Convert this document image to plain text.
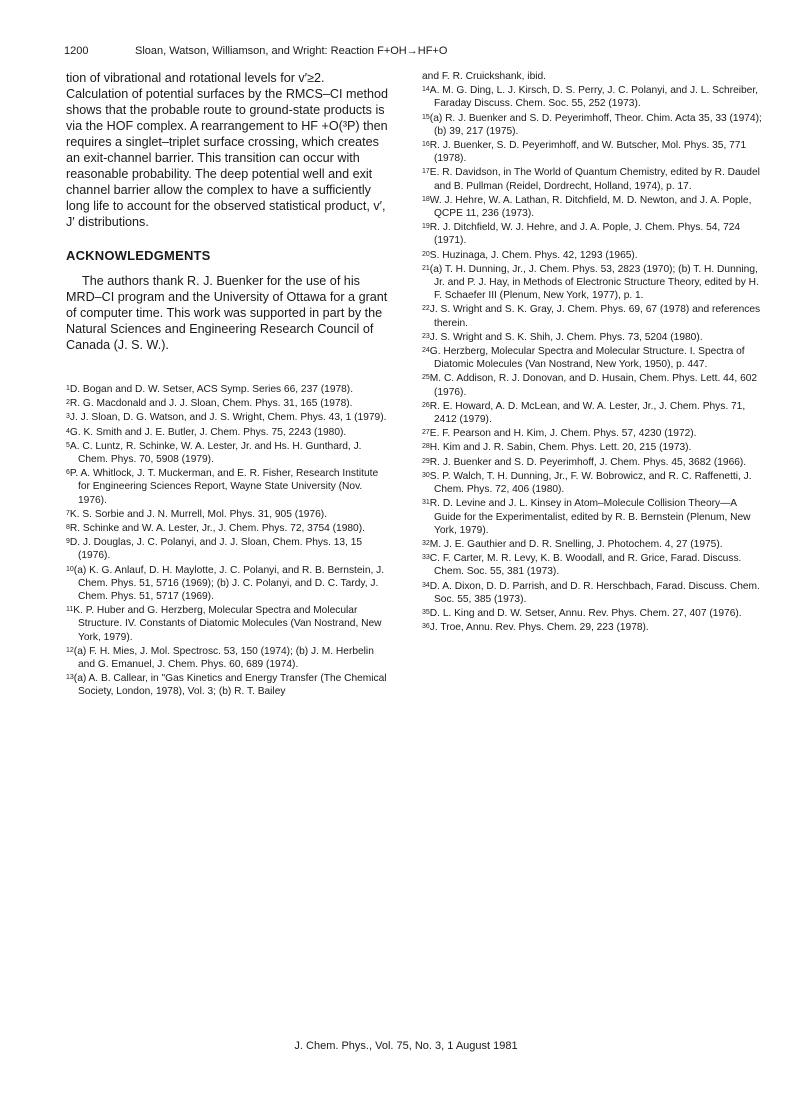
1200	Sloan, Watson, Williamson, and Wright: Reaction F+OH→HF+O

tion of vibrational and rotational levels for v′≥2. Calculation of potential surfaces by the RMCS–CI method shows that the probable route to ground-state products is via the HOF complex. A rearrangement to HF +O(³P) then requires a singlet–triplet surface crossing, which creates an exit-channel barrier. This transition can occur with reasonable probability. The deep potential well and exit channel barrier allow the complex to have a sufficiently long life to account for the observed statistical product, v′, J′ distributions.

ACKNOWLEDGMENTS

The authors thank R. J. Buenker for the use of his MRD–CI program and the University of Ottawa for a grant of computer time. This work was supported in part by the Natural Sciences and Engineering Research Council of Canada (J. S. W.).

$^1$D. Bogan and D. W. Setser, ACS Symp. Series 66, 237 (1978).

$^2$R. G. Macdonald and J. J. Sloan, Chem. Phys. 31, 165 (1978).

$^3$J. J. Sloan, D. G. Watson, and J. S. Wright, Chem. Phys. 43, 1 (1979).

$^4$G. K. Smith and J. E. Butler, J. Chem. Phys. 75, 2243 (1980).

$^5$A. C. Luntz, R. Schinke, W. A. Lester, Jr. and Hs. H. Gunthard, J. Chem. Phys. 70, 5908 (1979).

$^6$P. A. Whitlock, J. T. Muckerman, and E. R. Fisher, Research Institute for Engineering Sciences Report, Wayne State University (Nov. 1976).

$^7$K. S. Sorbie and J. N. Murrell, Mol. Phys. 31, 905 (1976).

$^8$R. Schinke and W. A. Lester, Jr., J. Chem. Phys. 72, 3754 (1980).

$^9$D. J. Douglas, J. C. Polanyi, and J. J. Sloan, Chem. Phys. 13, 15 (1976).

$^{10}$(a) K. G. Anlauf, D. H. Maylotte, J. C. Polanyi, and R. B. Bernstein, J. Chem. Phys. 51, 5716 (1969); (b) J. C. Polanyi, and D. C. Tardy, J. Chem. Phys. 51, 5717 (1969).

$^{11}$K. P. Huber and G. Herzberg, Molecular Spectra and Molecular Structure. IV. Constants of Diatomic Molecules (Van Nostrand, New York, 1979).

$^{12}$(a) F. H. Mies, J. Mol. Spectrosc. 53, 150 (1974); (b) J. M. Herbelin and G. Emanuel, J. Chem. Phys. 60, 689 (1974).

$^{13}$(a) A. B. Callear, in "Gas Kinetics and Energy Transfer (The Chemical Society, London, 1978), Vol. 3; (b) R. T. Bailey

and F. R. Cruickshank, ibid.

$^{14}$A. M. G. Ding, L. J. Kirsch, D. S. Perry, J. C. Polanyi, and J. L. Schreiber, Faraday Discuss. Chem. Soc. 55, 252 (1973).

$^{15}$(a) R. J. Buenker and S. D. Peyerimhoff, Theor. Chim. Acta 35, 33 (1974); (b) 39, 217 (1975).

$^{16}$R. J. Buenker, S. D. Peyerimhoff, and W. Butscher, Mol. Phys. 35, 771 (1978).

$^{17}$E. R. Davidson, in The World of Quantum Chemistry, edited by R. Daudel and B. Pullman (Reidel, Dordrecht, Holland, 1974), p. 17.

$^{18}$W. J. Hehre, W. A. Lathan, R. Ditchfield, M. D. Newton, and J. A. Pople, QCPE 11, 236 (1973).

$^{19}$R. J. Ditchfield, W. J. Hehre, and J. A. Pople, J. Chem. Phys. 54, 724 (1971).

$^{20}$S. Huzinaga, J. Chem. Phys. 42, 1293 (1965).

$^{21}$(a) T. H. Dunning, Jr., J. Chem. Phys. 53, 2823 (1970); (b) T. H. Dunning, Jr. and P. J. Hay, in Methods of Electronic Structure Theory, edited by H. F. Schaefer III (Plenum, New York, 1977), p. 1.

$^{22}$J. S. Wright and S. K. Gray, J. Chem. Phys. 69, 67 (1978) and references therein.

$^{23}$J. S. Wright and S. K. Shih, J. Chem. Phys. 73, 5204 (1980).

$^{24}$G. Herzberg, Molecular Spectra and Molecular Structure. I. Spectra of Diatomic Molecules (Van Nostrand, New York, 1950), p. 447.

$^{25}$M. C. Addison, R. J. Donovan, and D. Husain, Chem. Phys. Lett. 44, 602 (1976).

$^{26}$R. E. Howard, A. D. McLean, and W. A. Lester, Jr., J. Chem. Phys. 71, 2412 (1979).

$^{27}$E. F. Pearson and H. Kim, J. Chem. Phys. 57, 4230 (1972).

$^{28}$H. Kim and J. R. Sabin, Chem. Phys. Lett. 20, 215 (1973).

$^{29}$R. J. Buenker and S. D. Peyerimhoff, J. Chem. Phys. 45, 3682 (1966).

$^{30}$S. P. Walch, T. H. Dunning, Jr., F. W. Bobrowicz, and R. C. Raffenetti, J. Chem. Phys. 72, 406 (1980).

$^{31}$R. D. Levine and J. L. Kinsey in Atom–Molecule Collision Theory—A Guide for the Experimentalist, edited by R. B. Bernstein (Plenum, New York, 1979).

$^{32}$M. J. E. Gauthier and D. R. Snelling, J. Photochem. 4, 27 (1975).

$^{33}$C. F. Carter, M. R. Levy, K. B. Woodall, and R. Grice, Farad. Discuss. Chem. Soc. 55, 381 (1973).

$^{34}$D. A. Dixon, D. D. Parrish, and D. R. Herschbach, Farad. Discuss. Chem. Soc. 55, 385 (1973).

$^{35}$D. L. King and D. W. Setser, Annu. Rev. Phys. Chem. 27, 407 (1976).

$^{36}$J. Troe, Annu. Rev. Phys. Chem. 29, 223 (1978).

J. Chem. Phys., Vol. 75, No. 3, 1 August 1981
